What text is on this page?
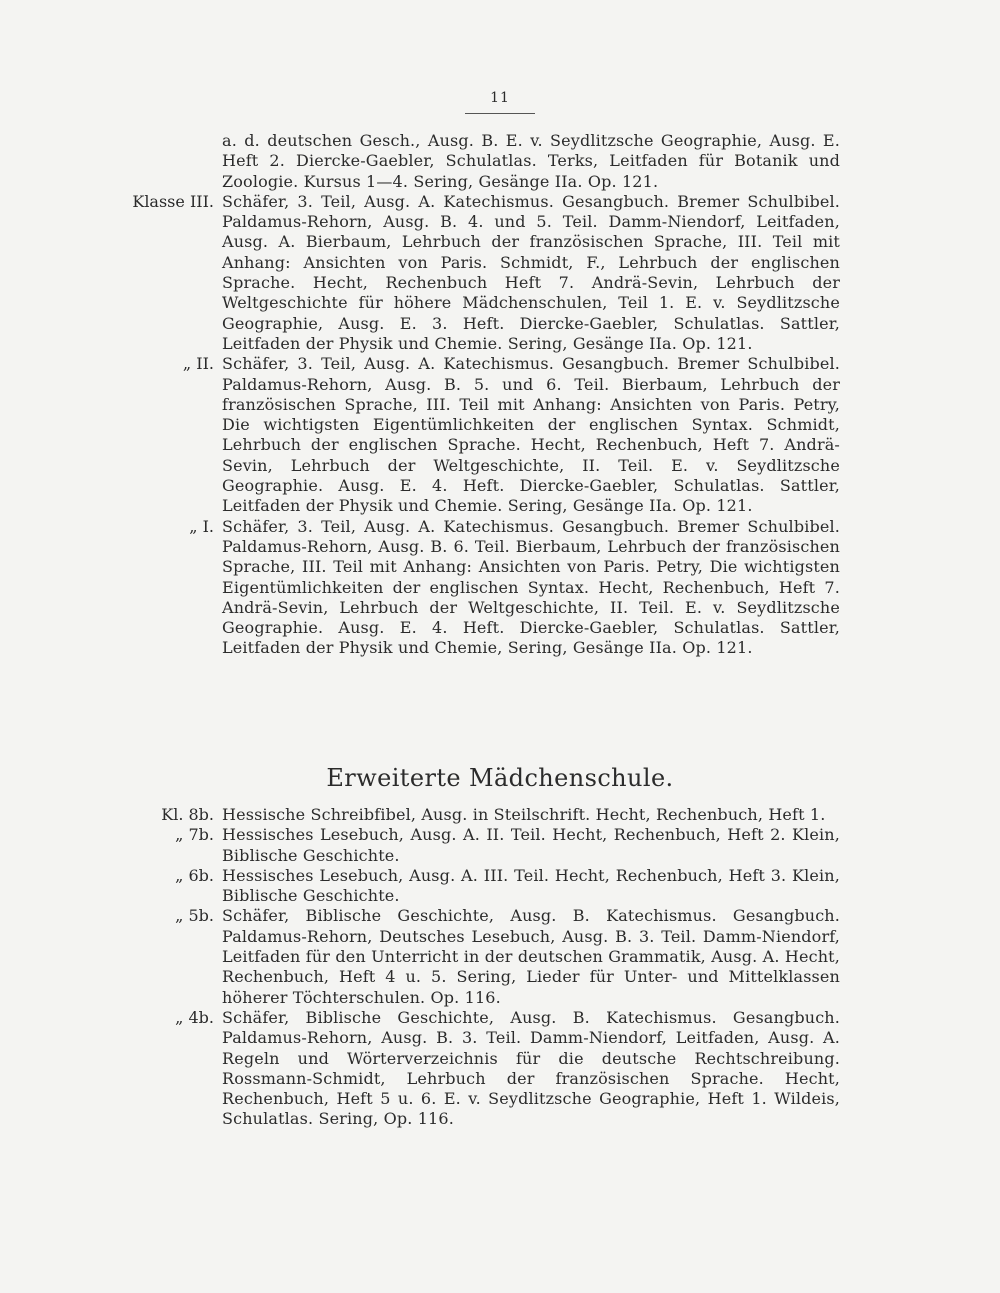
11
a. d. deutschen Gesch., Ausg. B. E. v. Seydlitzsche Geographie, Ausg. E. Heft 2. Diercke-Gaebler, Schulatlas. Terks, Leitfaden für Botanik und Zoologie. Kursus 1—4. Sering, Gesänge IIa. Op. 121.
Klasse III. Schäfer, 3. Teil, Ausg. A. Katechismus. Gesangbuch. Bremer Schulbibel. Paldamus-Rehorn, Ausg. B. 4. und 5. Teil. Damm-Niendorf, Leitfaden, Ausg. A. Bierbaum, Lehrbuch der französischen Sprache, III. Teil mit Anhang: Ansichten von Paris. Schmidt, F., Lehrbuch der englischen Sprache. Hecht, Rechenbuch Heft 7. Andrä-Sevin, Lehrbuch der Weltgeschichte für höhere Mädchenschulen, Teil 1. E. v. Seydlitzsche Geographie, Ausg. E. 3. Heft. Diercke-Gaebler, Schulatlas. Sattler, Leitfaden der Physik und Chemie. Sering, Gesänge IIa. Op. 121.
„ II. Schäfer, 3. Teil, Ausg. A. Katechismus. Gesangbuch. Bremer Schulbibel. Paldamus-Rehorn, Ausg. B. 5. und 6. Teil. Bierbaum, Lehrbuch der französischen Sprache, III. Teil mit Anhang: Ansichten von Paris. Petry, Die wichtigsten Eigentümlichkeiten der englischen Syntax. Schmidt, Lehrbuch der englischen Sprache. Hecht, Rechenbuch, Heft 7. Andrä-Sevin, Lehrbuch der Weltgeschichte, II. Teil. E. v. Seydlitzsche Geographie. Ausg. E. 4. Heft. Diercke-Gaebler, Schulatlas. Sattler, Leitfaden der Physik und Chemie. Sering, Gesänge IIa. Op. 121.
„ I. Schäfer, 3. Teil, Ausg. A. Katechismus. Gesangbuch. Bremer Schulbibel. Paldamus-Rehorn, Ausg. B. 6. Teil. Bierbaum, Lehrbuch der französischen Sprache, III. Teil mit Anhang: Ansichten von Paris. Petry, Die wichtigsten Eigentümlichkeiten der englischen Syntax. Hecht, Rechenbuch, Heft 7. Andrä-Sevin, Lehrbuch der Weltgeschichte, II. Teil. E. v. Seydlitzsche Geographie. Ausg. E. 4. Heft. Diercke-Gaebler, Schulatlas. Sattler, Leitfaden der Physik und Chemie, Sering, Gesänge IIa. Op. 121.
Erweiterte Mädchenschule.
Kl. 8b. Hessische Schreibfibel, Ausg. in Steilschrift. Hecht, Rechenbuch, Heft 1.
„ 7b. Hessisches Lesebuch, Ausg. A. II. Teil. Hecht, Rechenbuch, Heft 2. Klein, Biblische Geschichte.
„ 6b. Hessisches Lesebuch, Ausg. A. III. Teil. Hecht, Rechenbuch, Heft 3. Klein, Biblische Geschichte.
„ 5b. Schäfer, Biblische Geschichte, Ausg. B. Katechismus. Gesangbuch. Paldamus-Rehorn, Deutsches Lesebuch, Ausg. B. 3. Teil. Damm-Niendorf, Leitfaden für den Unterricht in der deutschen Grammatik, Ausg. A. Hecht, Rechenbuch, Heft 4 u. 5. Sering, Lieder für Unter- und Mittelklassen höherer Töchterschulen. Op. 116.
„ 4b. Schäfer, Biblische Geschichte, Ausg. B. Katechismus. Gesangbuch. Paldamus-Rehorn, Ausg. B. 3. Teil. Damm-Niendorf, Leitfaden, Ausg. A. Regeln und Wörterverzeichnis für die deutsche Rechtschreibung. Rossmann-Schmidt, Lehrbuch der französischen Sprache. Hecht, Rechenbuch, Heft 5 u. 6. E. v. Seydlitzsche Geographie, Heft 1. Wildeis, Schulatlas. Sering, Op. 116.
